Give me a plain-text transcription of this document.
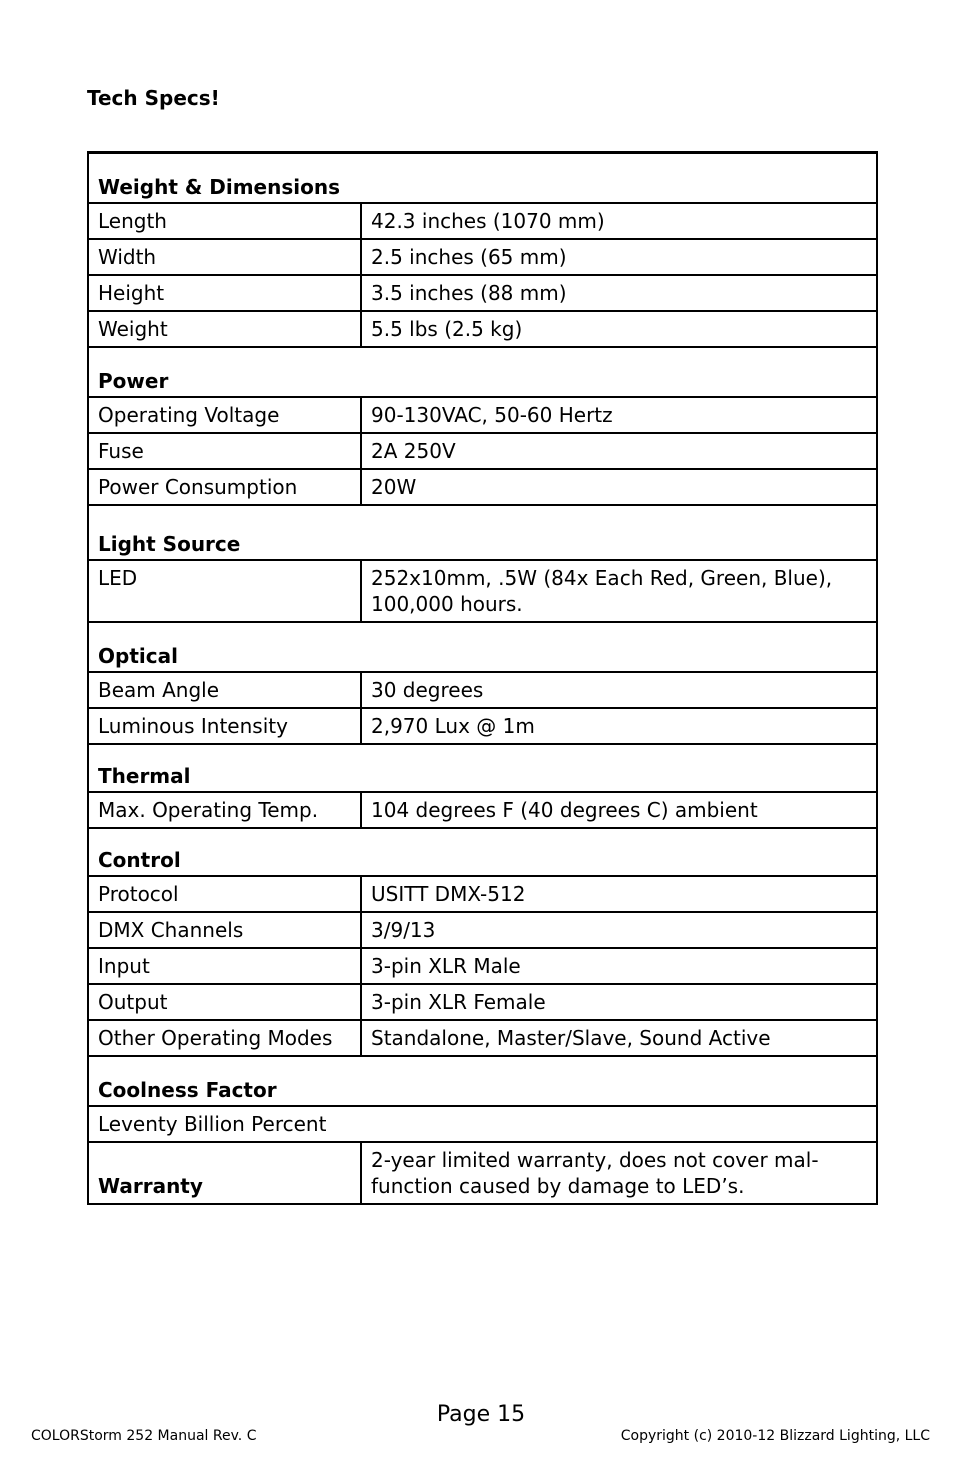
Tech Specs!
Weight & Dimensions	
Length	42.3 inches (1070 mm)
Width	2.5 inches (65 mm)
Height	3.5 inches (88 mm)
Weight	5.5 lbs (2.5 kg)
Power	
Operating Voltage	90-130VAC, 50-60 Hertz
Fuse	2A 250V
Power Consumption	20W
Light Source	
LED	252x10mm, .5W (84x Each Red, Green, Blue), 100,000 hours.
Optical	
Beam Angle	30 degrees
Luminous Intensity	2,970 Lux @ 1m
Thermal	
Max. Operating Temp.	104 degrees F (40 degrees C) ambient
Control	
Protocol	USITT DMX-512
DMX Channels	3/9/13
Input	3-pin XLR Male
Output	3-pin XLR Female
Other Operating Modes	Standalone, Master/Slave, Sound Active
Coolness Factor	
Leventy Billion Percent	
Warranty	2-year limited warranty, does not cover mal-function caused by damage to LED’s.
Page 15
COLORStorm 252 Manual Rev. C	Copyright (c) 2010-12 Blizzard Lighting, LLC
